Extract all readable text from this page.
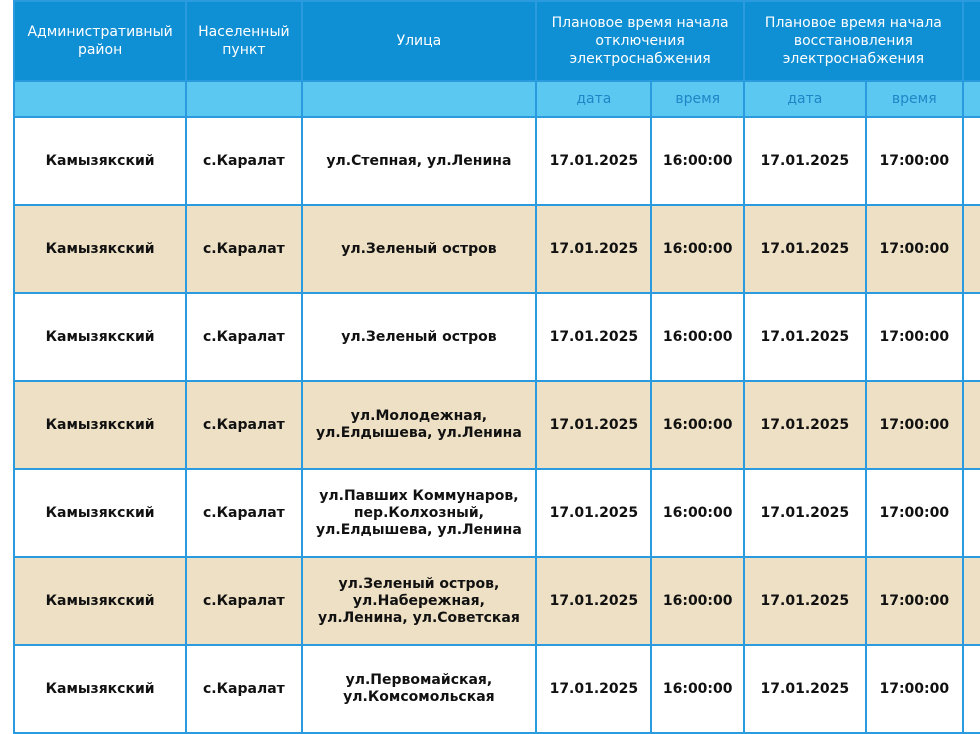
Административный район	Населенный пункт	Улица	Плановое время начала отключения электроснабжения		Плановое время начала восстановления электроснабжения		
			дата	время	дата	время	
Камызякский	с.Каралат	ул.Степная, ул.Ленина	17.01.2025	16:00:00	17.01.2025	17:00:00	
Камызякский	с.Каралат	ул.Зеленый остров	17.01.2025	16:00:00	17.01.2025	17:00:00	
Камызякский	с.Каралат	ул.Зеленый остров	17.01.2025	16:00:00	17.01.2025	17:00:00	
Камызякский	с.Каралат	ул.Молодежная, ул.Елдышева, ул.Ленина	17.01.2025	16:00:00	17.01.2025	17:00:00	
Камызякский	с.Каралат	ул.Павших Коммунаров, пер.Колхозный, ул.Елдышева, ул.Ленина	17.01.2025	16:00:00	17.01.2025	17:00:00	
Камызякский	с.Каралат	ул.Зеленый остров, ул.Набережная, ул.Ленина, ул.Советская	17.01.2025	16:00:00	17.01.2025	17:00:00	
Камызякский	с.Каралат	ул.Первомайская, ул.Комсомольская	17.01.2025	16:00:00	17.01.2025	17:00:00	
